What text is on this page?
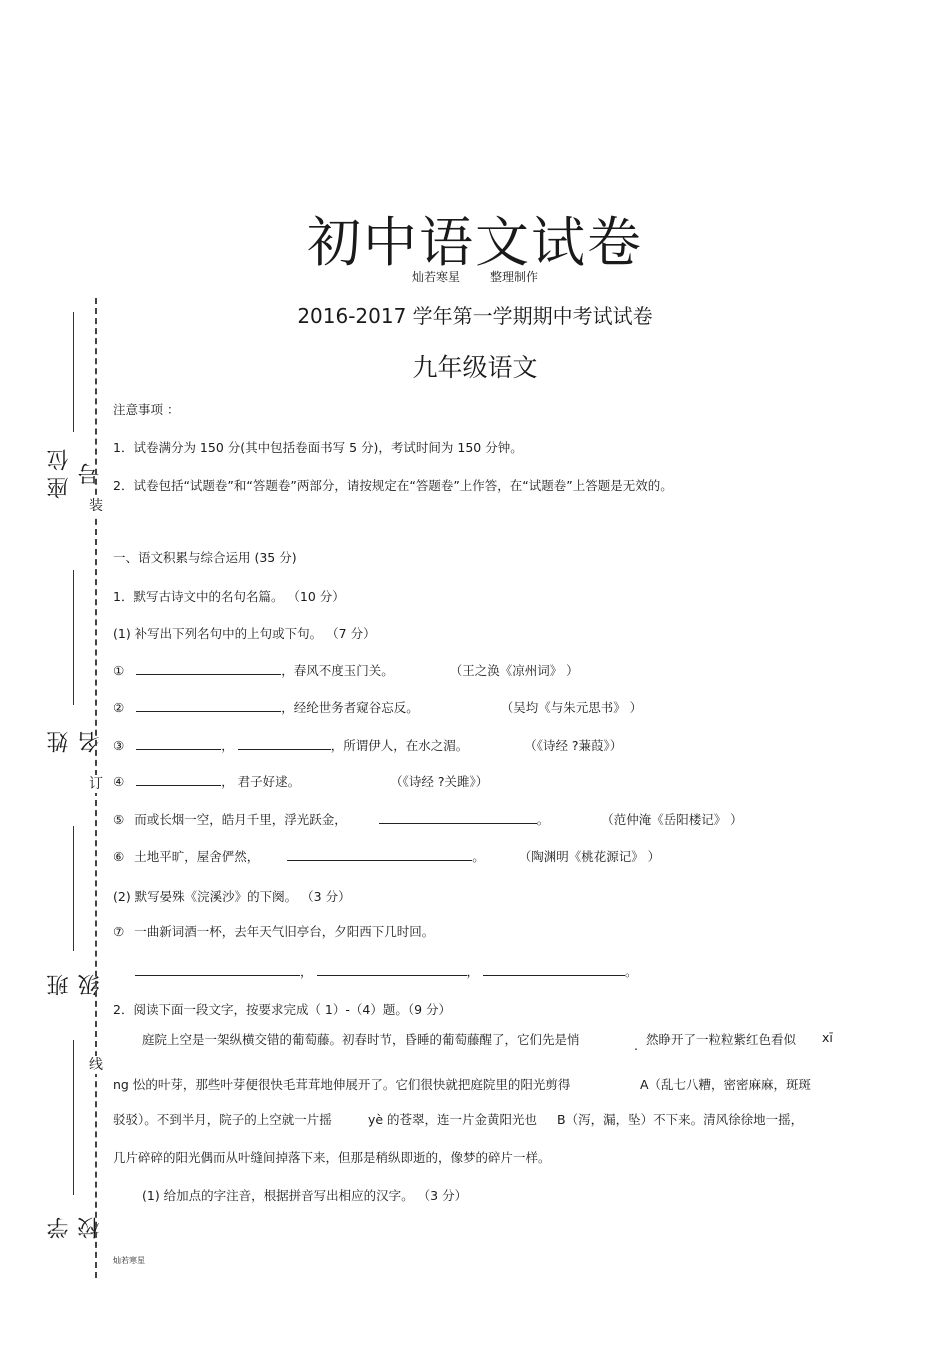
座位号
姓名
班级
学校
装
订
线
初中语文试卷
灿若寒星	整理制作
2016-2017 学年第一学期期中考试试卷
九年级语文
注意事项 ：
1．试卷满分为 150 分(其中包括卷面书写 5 分)，考试时间为 150 分钟。
2．试卷包括“试题卷”和“答题卷”两部分，请按规定在“答题卷”上作答，在“试题卷”上答题是无效的。
一、语文积累与综合运用 (35 分)
1．默写古诗文中的名句名篇。 （10 分）
(1) 补写出下列名句中的上句或下句。 （7 分）
①	，春风不度玉门关。	（王之涣《凉州词》 ）
②	，经纶世务者窥谷忘反。	（吴均《与朱元思书》 ）
③	，	，所谓伊人，在水之湄。	（《诗经 ?蒹葭》）
④	， 君子好逑。	（《诗经 ?关雎》）
⑤ 而或长烟一空，皓月千里，浮光跃金，	。	（范仲淹《岳阳楼记》 ）
⑥ 土地平旷，屋舍俨然，	。	（陶渊明《桃花源记》 ）
(2) 默写晏殊《浣溪沙》的下阕。 （3 分）
⑦ 一曲新词酒一杯，去年天气旧亭台，夕阳西下几时回。
，	，	。
2．阅读下面一段文字，按要求完成（ 1）-（4）题。（9 分）
庭院上空是一架纵横交错的葡萄藤。初春时节，昏睡的葡萄藤醒了，它们先是悄	. 然睁开了一粒粒紫红色看似 xī
ng 忪的叶芽，那些叶芽便很快毛茸茸地伸展开了。它们很快就把庭院里的阳光剪得	A（乱七八糟，密密麻麻，斑斑
驳驳）。不到半月，院子的上空就一片摇	yè 的苍翠，连一片金黄阳光也 B（泻，漏，坠）不下来。清风徐徐地一摇，
几片碎碎的阳光偶而从叶缝间掉落下来，但那是稍纵即逝的，像梦的碎片一样。
(1) 给加点的字注音，根据拼音写出相应的汉字。 （3 分）
灿若寒星
